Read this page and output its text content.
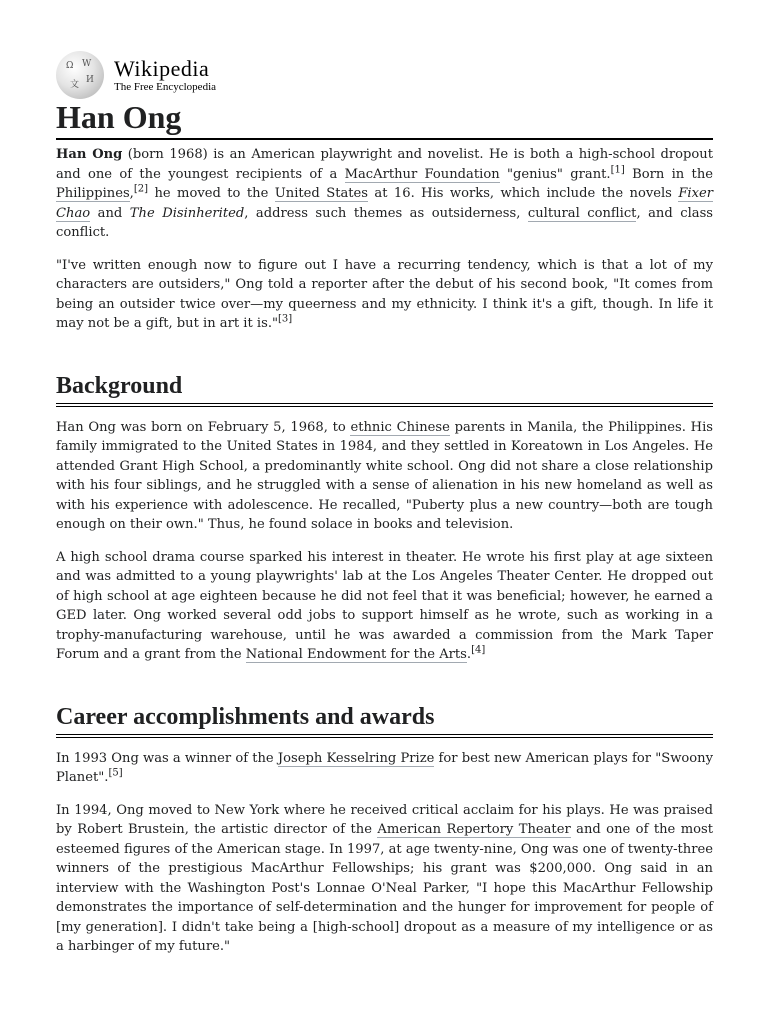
Ω W
И
文
Wikipedia
The Free Encyclopedia
Han Ong

Han Ong (born 1968) is an American playwright and novelist. He is both a high-school dropout and one of the youngest recipients of a MacArthur Foundation "genius" grant.[1] Born in the Philippines,[2] he moved to the United States at 16. His works, which include the novels Fixer Chao and The Disinherited, address such themes as outsiderness, cultural conflict, and class conflict.

"I've written enough now to figure out I have a recurring tendency, which is that a lot of my characters are outsiders," Ong told a reporter after the debut of his second book, "It comes from being an outsider twice over—my queerness and my ethnicity. I think it's a gift, though. In life it may not be a gift, but in art it is."[3]

Background

Han Ong was born on February 5, 1968, to ethnic Chinese parents in Manila, the Philippines. His family immigrated to the United States in 1984, and they settled in Koreatown in Los Angeles. He attended Grant High School, a predominantly white school. Ong did not share a close relationship with his four siblings, and he struggled with a sense of alienation in his new homeland as well as with his experience with adolescence. He recalled, "Puberty plus a new country—both are tough enough on their own." Thus, he found solace in books and television.

A high school drama course sparked his interest in theater. He wrote his first play at age sixteen and was admitted to a young playwrights' lab at the Los Angeles Theater Center. He dropped out of high school at age eighteen because he did not feel that it was beneficial; however, he earned a GED later. Ong worked several odd jobs to support himself as he wrote, such as working in a trophy-manufacturing warehouse, until he was awarded a commission from the Mark Taper Forum and a grant from the National Endowment for the Arts.[4]

Career accomplishments and awards

In 1993 Ong was a winner of the Joseph Kesselring Prize for best new American plays for "Swoony Planet".[5]

In 1994, Ong moved to New York where he received critical acclaim for his plays. He was praised by Robert Brustein, the artistic director of the American Repertory Theater and one of the most esteemed figures of the American stage. In 1997, at age twenty-nine, Ong was one of twenty-three winners of the prestigious MacArthur Fellowships; his grant was $200,000. Ong said in an interview with the Washington Post's Lonnae O'Neal Parker, "I hope this MacArthur Fellowship demonstrates the importance of self-determination and the hunger for improvement for people of [my generation]. I didn't take being a [high-school] dropout as a measure of my intelligence or as a harbinger of my future."
